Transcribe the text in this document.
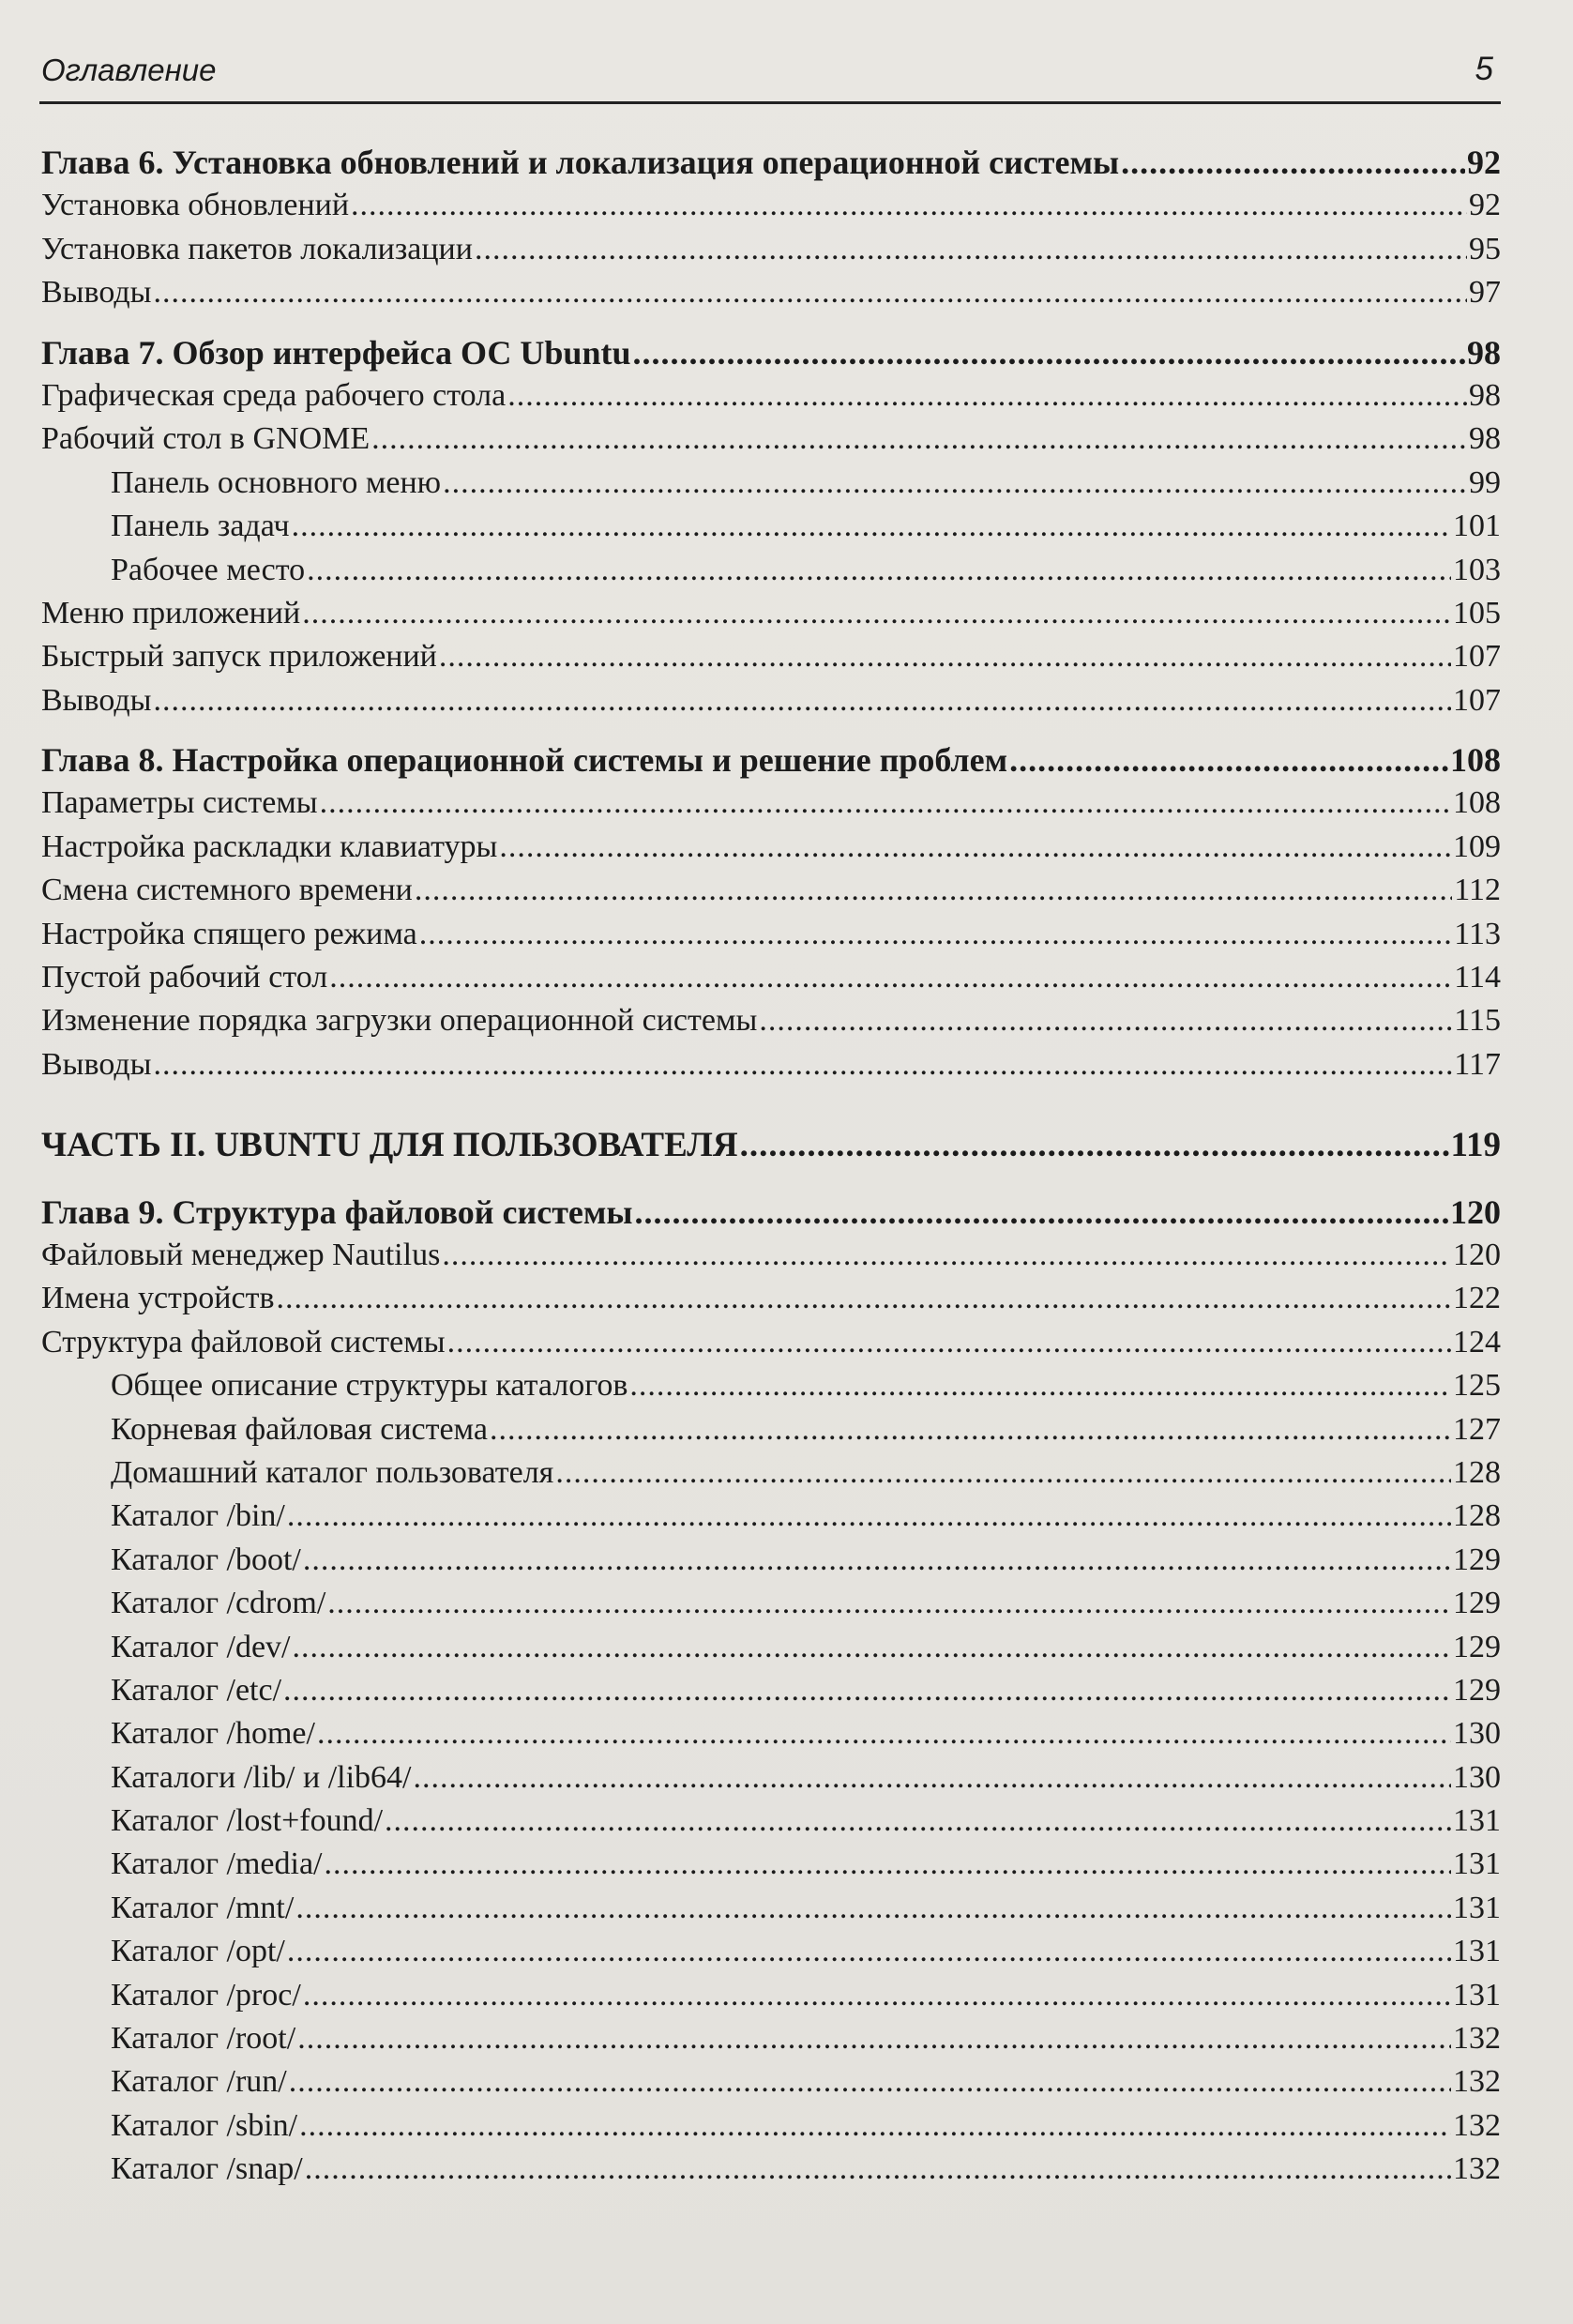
Оглавление	5
Глава 6. Установка обновлений и локализация операционной системы .....	92
Установка обновлений .....	92
Установка пакетов локализации .....	95
Выводы .....	97
Глава 7. Обзор интерфейса ОС Ubuntu .....	98
Графическая среда рабочего стола .....	98
Рабочий стол в GNOME .....	98
Панель основного меню .....	99
Панель задач .....	101
Рабочее место .....	103
Меню приложений .....	105
Быстрый запуск приложений .....	107
Выводы .....	107
Глава 8. Настройка операционной системы и решение проблем .....	108
Параметры системы .....	108
Настройка раскладки клавиатуры .....	109
Смена системного времени .....	112
Настройка спящего режима .....	113
Пустой рабочий стол .....	114
Изменение порядка загрузки операционной системы .....	115
Выводы .....	117
ЧАСТЬ II. UBUNTU ДЛЯ ПОЛЬЗОВАТЕЛЯ .....	119
Глава 9. Структура файловой системы .....	120
Файловый менеджер Nautilus .....	120
Имена устройств .....	122
Структура файловой системы .....	124
Общее описание структуры каталогов .....	125
Корневая файловая система .....	127
Домашний каталог пользователя .....	128
Каталог /bin/ .....	128
Каталог /boot/ .....	129
Каталог /cdrom/ .....	129
Каталог /dev/ .....	129
Каталог /etc/ .....	129
Каталог /home/ .....	130
Каталоги /lib/ и /lib64/ .....	130
Каталог /lost+found/ .....	131
Каталог /media/ .....	131
Каталог /mnt/ .....	131
Каталог /opt/ .....	131
Каталог /proc/ .....	131
Каталог /root/ .....	132
Каталог /run/ .....	132
Каталог /sbin/ .....	132
Каталог /snap/ .....	132
